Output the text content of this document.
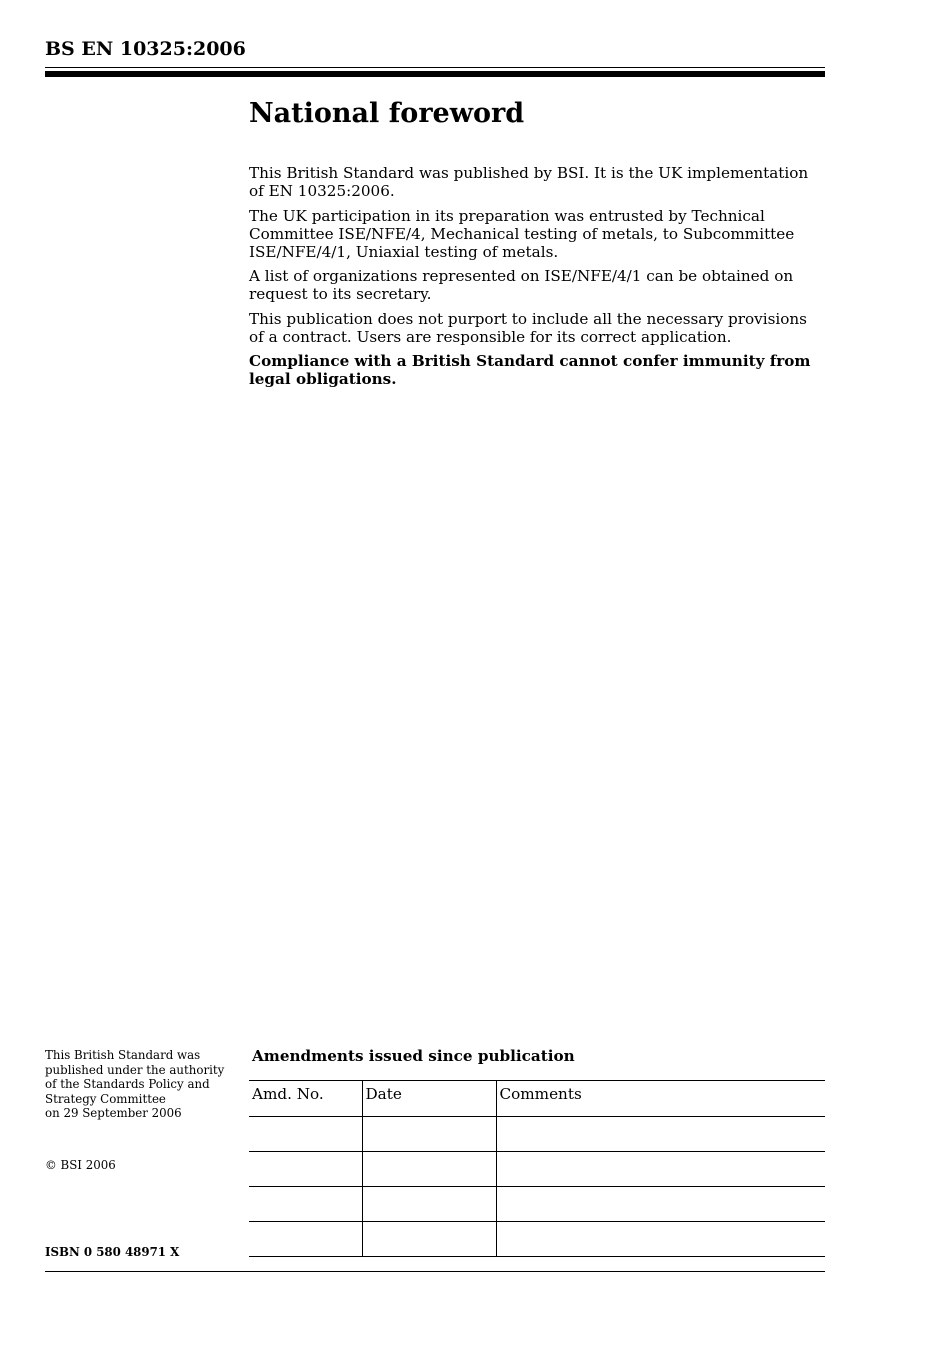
BS EN 10325:2006
National foreword

This British Standard was published by BSI. It is the UK implementation of EN 10325:2006.

The UK participation in its preparation was entrusted by Technical Committee ISE/NFE/4, Mechanical testing of metals, to Subcommittee ISE/NFE/4/1, Uniaxial testing of metals.

A list of organizations represented on ISE/NFE/4/1 can be obtained on request to its secretary.

This publication does not purport to include all the necessary provisions of a contract. Users are responsible for its correct application.

Compliance with a British Standard cannot confer immunity from legal obligations.

This British Standard was
published under the authority
of the Standards Policy and
Strategy Committee
on 29 September 2006
© BSI 2006
ISBN 0 580 48971 X
Amendments issued since publication
Amd. No.	Date	Comments
